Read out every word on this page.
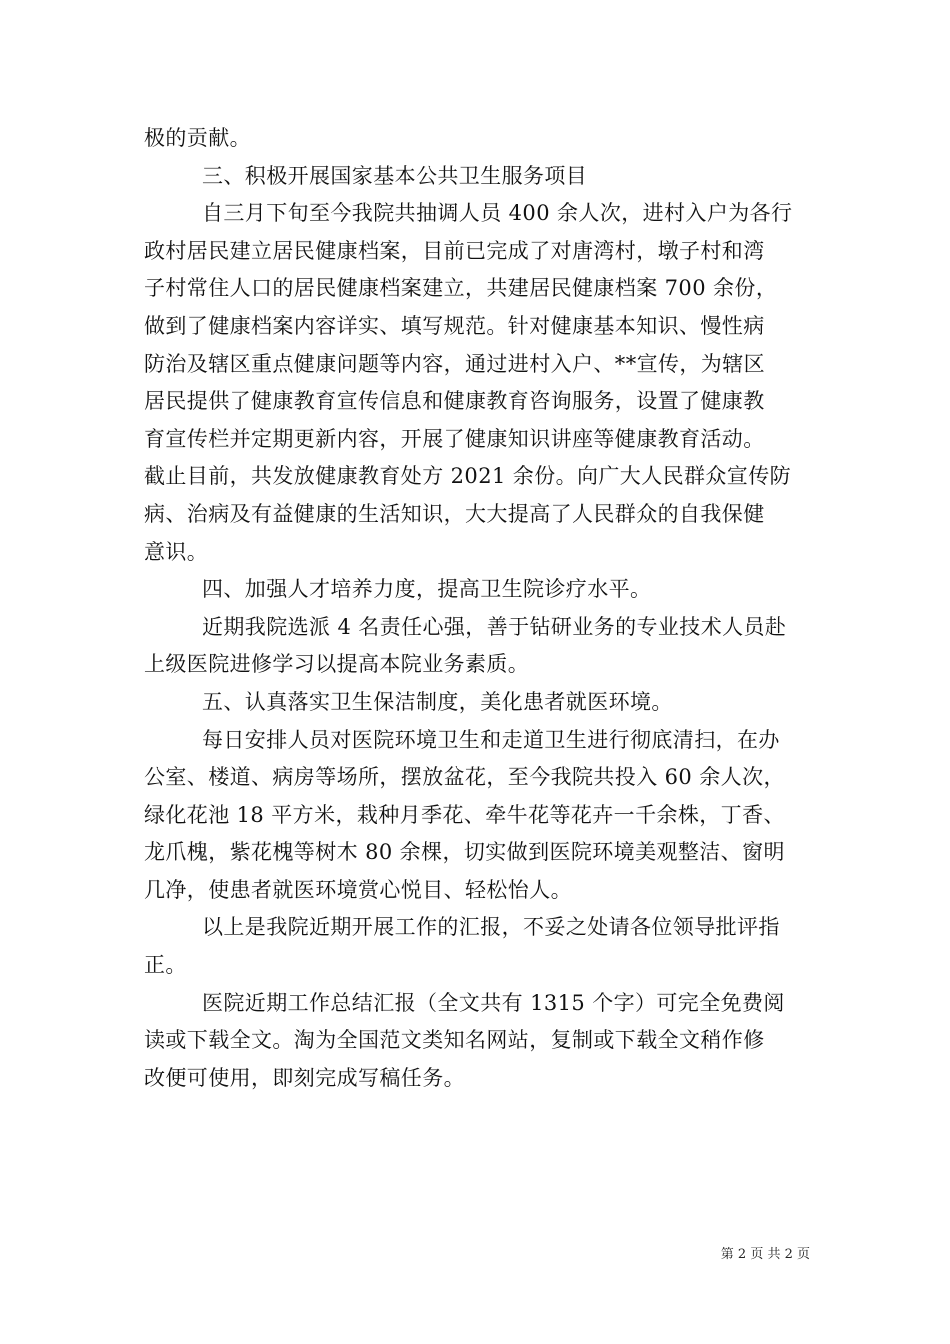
极的贡献。
三、积极开展国家基本公共卫生服务项目
自三月下旬至今我院共抽调人员 400 余人次，进村入户为各行
政村居民建立居民健康档案，目前已完成了对唐湾村，墩子村和湾
子村常住人口的居民健康档案建立，共建居民健康档案 700 余份，
做到了健康档案内容详实、填写规范。针对健康基本知识、慢性病
防治及辖区重点健康问题等内容，通过进村入户、**宣传，为辖区
居民提供了健康教育宣传信息和健康教育咨询服务，设置了健康教
育宣传栏并定期更新内容，开展了健康知识讲座等健康教育活动。
截止目前，共发放健康教育处方 2021 余份。向广大人民群众宣传防
病、治病及有益健康的生活知识，大大提高了人民群众的自我保健
意识。
四、加强人才培养力度，提高卫生院诊疗水平。
近期我院选派 4 名责任心强，善于钻研业务的专业技术人员赴
上级医院进修学习以提高本院业务素质。
五、认真落实卫生保洁制度，美化患者就医环境。
每日安排人员对医院环境卫生和走道卫生进行彻底清扫，在办
公室、楼道、病房等场所，摆放盆花，至今我院共投入 60 余人次，
绿化花池 18 平方米，栽种月季花、牵牛花等花卉一千余株，丁香、
龙爪槐，紫花槐等树木 80 余棵，切实做到医院环境美观整洁、窗明
几净，使患者就医环境赏心悦目、轻松怡人。
以上是我院近期开展工作的汇报，不妥之处请各位领导批评指
正。
医院近期工作总结汇报（全文共有 1315 个字）可完全免费阅
读或下载全文。淘为全国范文类知名网站，复制或下载全文稍作修
改便可使用，即刻完成写稿任务。
第 2 页 共 2 页
